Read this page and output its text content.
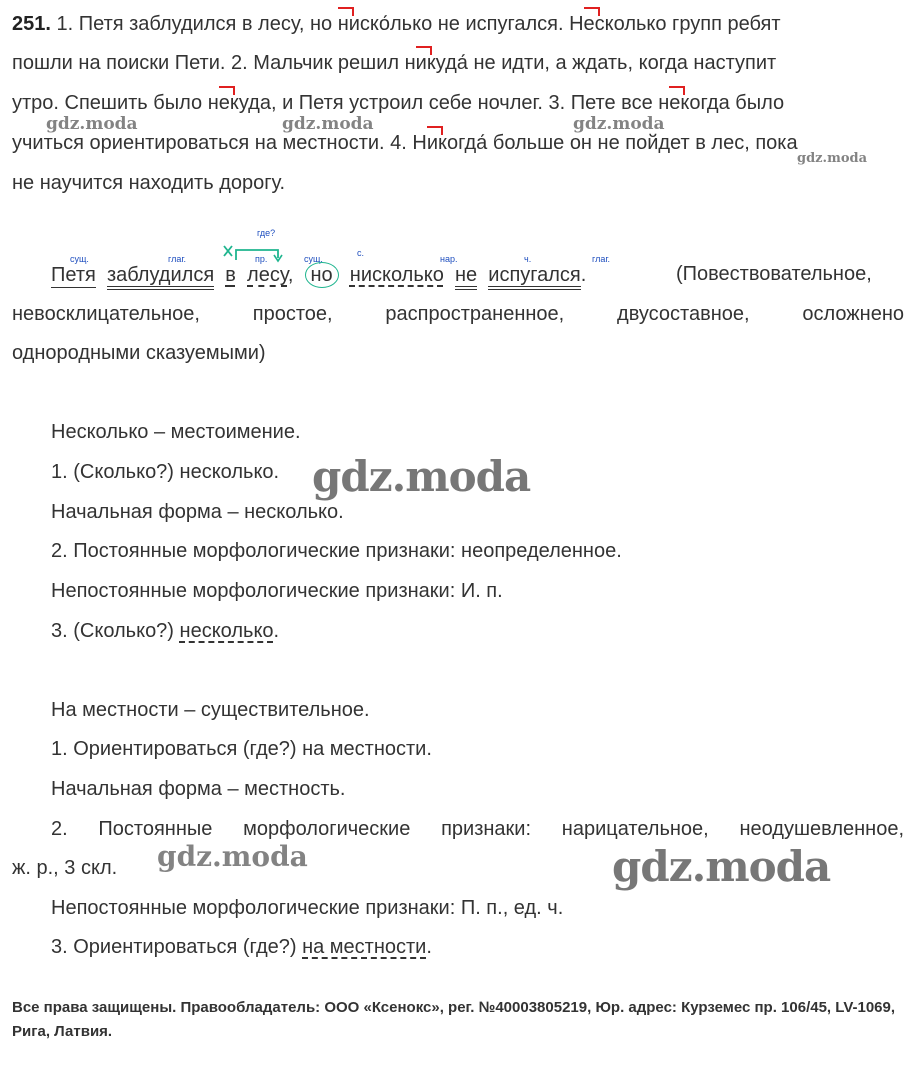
251. 1. Петя заблудился в лесу, но ниско́лько не испугался. Несколько групп ребят
пошли на поиски Пети. 2. Мальчик решил никуда́ не идти, а ждать, когда наступит
утро. Спешить было некуда, и Петя устроил себе ночлег. 3. Пете все некогда было
учиться ориентироваться на местности. 4. Никогда́ больше он не пойдет в лес, пока
не научится находить дорогу.
сущ.	глаг.
где?
пр.	сущ.
с.
нар.	ч.	глаг.
Петя заблудился в лесу,  но нисколько не испугался.	(Повествовательное,
невосклицательное, простое, распространенное, двусоставное, осложнено
однородными сказуемыми)
Несколько – местоимение.
1. (Сколько?) несколько.
Начальная форма – несколько.
2. Постоянные морфологические признаки: неопределенное.
Непостоянные морфологические признаки: И. п.
3. (Сколько?) несколько.
На местности – существительное.
1. Ориентироваться (где?) на местности.
Начальная форма – местность.
2. Постоянные морфологические признаки: нарицательное, неодушевленное,
ж. р., 3 скл.
Непостоянные морфологические признаки: П. п., ед. ч.
3. Ориентироваться (где?) на местности.
gdz.moda	gdz.moda	gdz.moda
gdz.moda
gdz.moda
gdz.moda	gdz.moda
Все права защищены. Правообладатель: ООО «Ксенокс», рег. №40003805219, Юр. адрес: Курземес пр. 106/45, LV-1069, Рига, Латвия.
